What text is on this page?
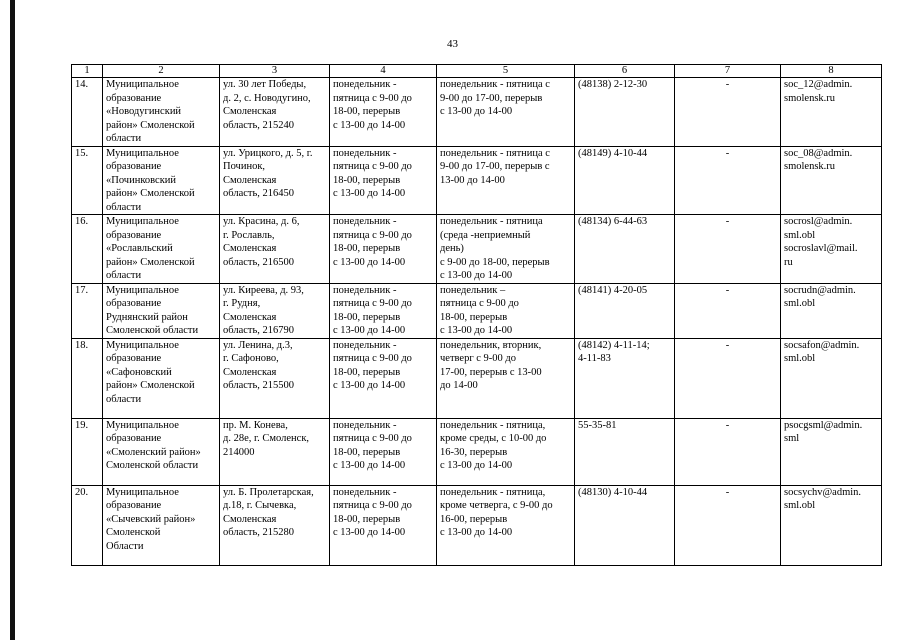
43
1	2	3	4	5	6	7	8
14.	Муниципальное
образование
«Новодугинский
район» Смоленской
области	ул. 30 лет Победы,
д. 2, с. Новодугино,
Смоленская
область, 215240	понедельник -
пятница с 9-00 до
18-00, перерыв
с 13-00 до 14-00	понедельник - пятница с
9-00 до 17-00, перерыв
с 13-00 до 14-00	(48138) 2-12-30	-	soc_12@admin.
smolensk.ru

15.	Муниципальное
образование
«Починковский
район» Смоленской
области	ул. Урицкого, д. 5, г.
Починок,
Смоленская
область, 216450	понедельник -
пятница с 9-00 до
18-00, перерыв
с 13-00 до 14-00	понедельник - пятница с
9-00 до 17-00, перерыв с
13-00 до 14-00	(48149) 4-10-44	-	soc_08@admin.
smolensk.ru

16.	Муниципальное
образование
«Рославльский
район» Смоленской
области	ул. Красина, д. 6,
г. Рославль,
Смоленская
область, 216500	понедельник -
пятница с 9-00 до
18-00, перерыв
с 13-00 до 14-00	понедельник - пятница
(среда -неприемный
день)
с 9-00 до 18-00, перерыв
с 13-00 до 14-00	(48134) 6-44-63	-	socrosl@admin.
sml.obl
socroslavl@mail.
ru

17.	Муниципальное
образование
Руднянский район
Смоленской области	ул. Киреева, д. 93,
г. Рудня,
Смоленская
область, 216790	понедельник -
пятница с 9-00 до
18-00, перерыв
с 13-00 до 14-00	понедельник –
пятница с 9-00 до
18-00, перерыв
с 13-00 до 14-00	(48141) 4-20-05	-	socrudn@admin.
sml.obl

18.	Муниципальное
образование
«Сафоновский
район» Смоленской
области	ул. Ленина, д.3,
г. Сафоново,
Смоленская
область, 215500	понедельник -
пятница с 9-00 до
18-00, перерыв
с 13-00 до 14-00	понедельник, вторник,
четверг с 9-00 до
17-00, перерыв с 13-00
до 14-00	(48142) 4-11-14;
4-11-83	-	socsafon@admin.
sml.obl

19.	Муниципальное
образование
«Смоленский район»
Смоленской области	пр. М. Конева,
д. 28е, г. Смоленск,
214000	понедельник -
пятница с 9-00 до
18-00, перерыв
с 13-00 до 14-00	понедельник - пятница,
кроме среды, с 10-00 до
16-30, перерыв
с 13-00 до 14-00	55-35-81	-	psocgsml@admin.
sml

20.	Муниципальное
образование
«Сычевский район»
Смоленской
Области	ул. Б. Пролетарская,
д.18, г. Сычевка,
Смоленская
область, 215280	понедельник -
пятница с 9-00 до
18-00, перерыв
с 13-00 до 14-00	понедельник - пятница,
кроме четверга, с 9-00 до
16-00, перерыв
с 13-00 до 14-00	(48130) 4-10-44	-	socsychv@admin.
sml.obl
